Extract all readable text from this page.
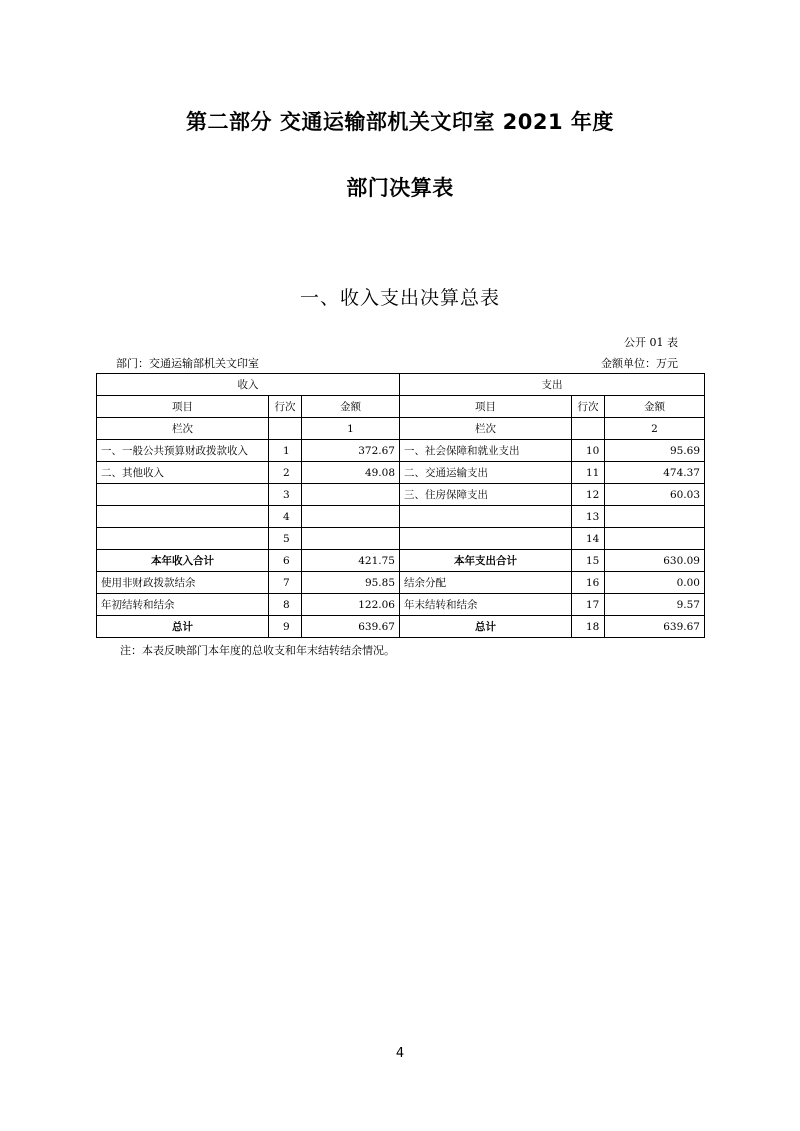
第二部分 交通运输部机关文印室 2021 年度
部门决算表
一、收入支出决算总表
公开 01 表
部门：交通运输部机关文印室	金额单位：万元
收入			支出		
项目	行次	金额	项目	行次	金额
栏次		1	栏次		2
一、一般公共预算财政拨款收入	1	372.67	一、社会保障和就业支出	10	95.69
二、其他收入	2	49.08	二、交通运输支出	11	474.37
	3		三、住房保障支出	12	60.03
	4			13	
	5			14	
本年收入合计	6	421.75	本年支出合计	15	630.09
使用非财政拨款结余	7	95.85	结余分配	16	0.00
年初结转和结余	8	122.06	年末结转和结余	17	9.57
总计	9	639.67	总计	18	639.67
注：本表反映部门本年度的总收支和年末结转结余情况。
4
